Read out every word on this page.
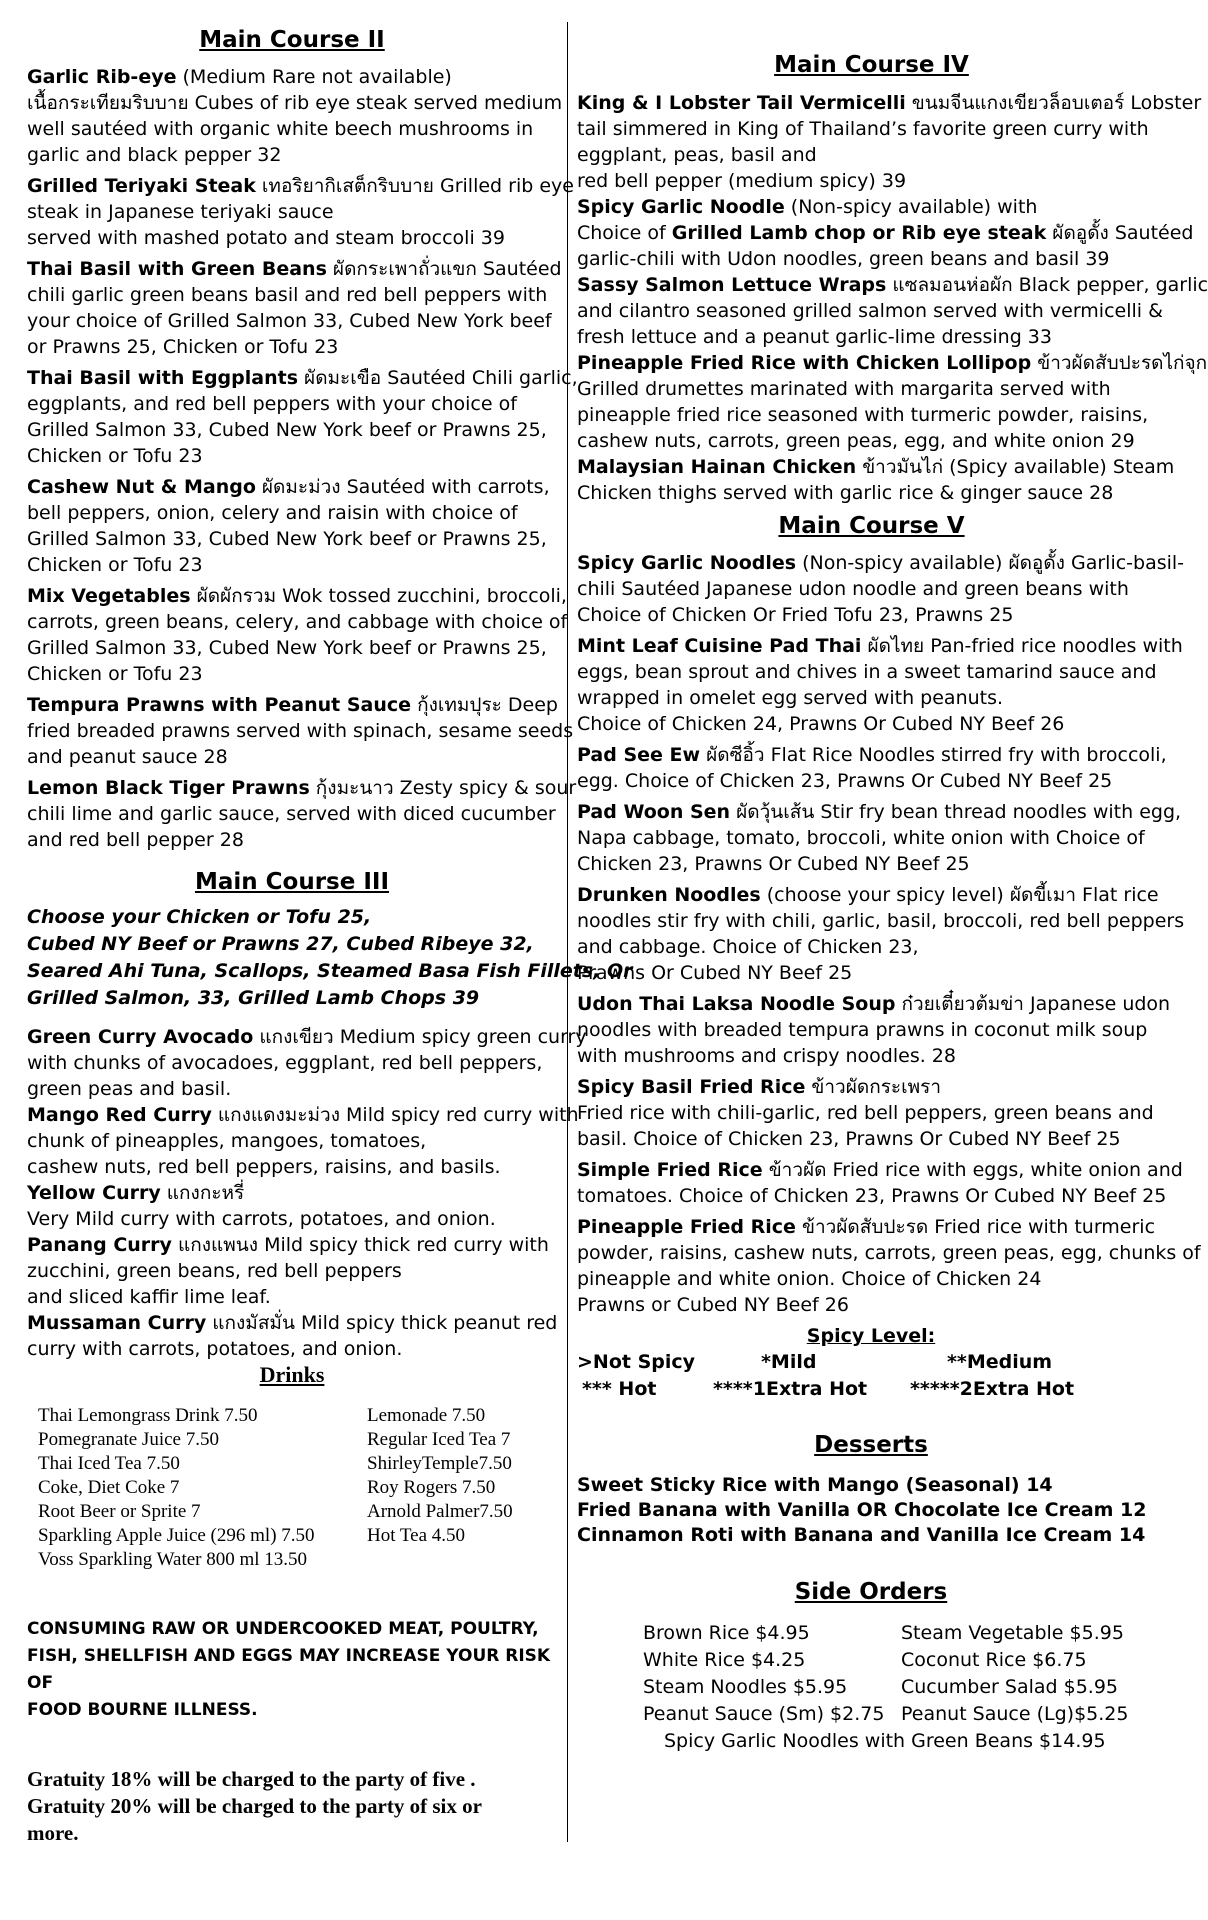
Main Course II
Garlic Rib-eye (Medium Rare not available)
เนื้อกระเทียมริบบาย Cubes of rib eye steak served medium
well sautéed with organic white beech mushrooms in
garlic and black pepper 32
Grilled Teriyaki Steak เทอริยากิเสต็กริบบาย Grilled rib eye
steak in Japanese teriyaki sauce
served with mashed potato and steam broccoli 39
Thai Basil with Green Beans ผัดกระเพาถั่วแขก Sautéed
chili garlic green beans basil and red bell peppers with
your choice of Grilled Salmon 33, Cubed New York beef
or Prawns 25, Chicken or Tofu 23
Thai Basil with Eggplants ผัดมะเขือ Sautéed Chili garlic,
eggplants, and red bell peppers with your choice of
Grilled Salmon 33, Cubed New York beef or Prawns 25,
Chicken or Tofu 23
Cashew Nut & Mango ผัดมะม่วง Sautéed with carrots,
bell peppers, onion, celery and raisin with choice of
Grilled Salmon 33, Cubed New York beef or Prawns 25,
Chicken or Tofu 23
Mix Vegetables ผัดผักรวม Wok tossed zucchini, broccoli,
carrots, green beans, celery, and cabbage with choice of
Grilled Salmon 33, Cubed New York beef or Prawns 25,
Chicken or Tofu 23
Tempura Prawns with Peanut Sauce กุ้งเทมปุระ Deep
fried breaded prawns served with spinach, sesame seeds
and peanut sauce 28
Lemon Black Tiger Prawns กุ้งมะนาว Zesty spicy & sour
chili lime and garlic sauce, served with diced cucumber
and red bell pepper 28
Main Course III
Choose your Chicken or Tofu 25,
Cubed NY Beef or Prawns 27, Cubed Ribeye 32,
Seared Ahi Tuna, Scallops, Steamed Basa Fish Fillets, Or
Grilled Salmon, 33, Grilled Lamb Chops 39
Green Curry Avocado แกงเขียว Medium spicy green curry
with chunks of avocadoes, eggplant, red bell peppers,
green peas and basil.
Mango Red Curry แกงแดงมะม่วง Mild spicy red curry with
chunk of pineapples, mangoes, tomatoes,
cashew nuts, red bell peppers, raisins, and basils.
Yellow Curry แกงกะหรี่
Very Mild curry with carrots, potatoes, and onion.
Panang Curry แกงแพนง Mild spicy thick red curry with
zucchini, green beans, red bell peppers
and sliced kaffir lime leaf.
Mussaman Curry แกงมัสมั่น Mild spicy thick peanut red
curry with carrots, potatoes, and onion.
Drinks
Thai Lemongrass Drink 7.50
Pomegranate Juice 7.50
Thai Iced Tea 7.50
Coke, Diet Coke 7
Root Beer or Sprite 7
Sparkling Apple Juice (296 ml) 7.50
Voss Sparkling Water 800 ml 13.50
Lemonade 7.50
Regular Iced Tea 7
ShirleyTemple7.50
Roy Rogers 7.50
Arnold Palmer7.50
Hot Tea 4.50
CONSUMING RAW OR UNDERCOOKED MEAT, POULTRY,
FISH, SHELLFISH AND EGGS MAY INCREASE YOUR RISK OF
FOOD BOURNE ILLNESS.
Gratuity 18% will be charged to the party of five .
Gratuity 20% will be charged to the party of six or
more.
Main Course IV
King & I Lobster Tail Vermicelli ขนมจีนแกงเขียวล็อบเตอร์ Lobster
tail simmered in King of Thailand’s favorite green curry with
eggplant, peas, basil and
red bell pepper (medium spicy) 39
Spicy Garlic Noodle (Non-spicy available) with
Choice of Grilled Lamb chop or Rib eye steak ผัดอูดั้ง Sautéed
garlic-chili with Udon noodles, green beans and basil 39
Sassy Salmon Lettuce Wraps แซลมอนห่อผัก Black pepper, garlic
and cilantro seasoned grilled salmon served with vermicelli &
fresh lettuce and a peanut garlic-lime dressing 33
Pineapple Fried Rice with Chicken Lollipop ข้าวผัดสับปะรดไก่จุก
Grilled drumettes marinated with margarita served with
pineapple fried rice seasoned with turmeric powder, raisins,
cashew nuts, carrots, green peas, egg, and white onion 29
Malaysian Hainan Chicken ข้าวมันไก่ (Spicy available) Steam
Chicken thighs served with garlic rice & ginger sauce 28
Main Course V
Spicy Garlic Noodles (Non-spicy available) ผัดอูดั้ง Garlic-basil-
chili Sautéed Japanese udon noodle and green beans with
Choice of Chicken Or Fried Tofu 23, Prawns 25
Mint Leaf Cuisine Pad Thai ผัดไทย Pan-fried rice noodles with
eggs, bean sprout and chives in a sweet tamarind sauce and
wrapped in omelet egg served with peanuts.
Choice of Chicken 24, Prawns Or Cubed NY Beef 26
Pad See Ew ผัดซีอิ้ว Flat Rice Noodles stirred fry with broccoli,
egg. Choice of Chicken 23, Prawns Or Cubed NY Beef 25
Pad Woon Sen ผัดวุ้นเส้น Stir fry bean thread noodles with egg,
Napa cabbage, tomato, broccoli, white onion with Choice of
Chicken 23, Prawns Or Cubed NY Beef 25
Drunken Noodles (choose your spicy level) ผัดขี้เมา Flat rice
noodles stir fry with chili, garlic, basil, broccoli, red bell peppers
and cabbage. Choice of Chicken 23,
Prawns Or Cubed NY Beef 25
Udon Thai Laksa Noodle Soup ก๋วยเตี๋ยวต้มข่า Japanese udon
noodles with breaded tempura prawns in coconut milk soup
with mushrooms and crispy noodles. 28
Spicy Basil Fried Rice ข้าวผัดกระเพรา
Fried rice with chili-garlic, red bell peppers, green beans and
basil. Choice of Chicken 23, Prawns Or Cubed NY Beef 25
Simple Fried Rice ข้าวผัด Fried rice with eggs, white onion and
tomatoes. Choice of Chicken 23, Prawns Or Cubed NY Beef 25
Pineapple Fried Rice ข้าวผัดสับปะรด Fried rice with turmeric
powder, raisins, cashew nuts, carrots, green peas, egg, chunks of
pineapple and white onion. Choice of Chicken 24
Prawns or Cubed NY Beef 26
Spicy Level:
>Not Spicy	*Mild	**Medium
*** Hot	****1Extra Hot	*****2Extra Hot
Desserts
Sweet Sticky Rice with Mango (Seasonal) 14
Fried Banana with Vanilla OR Chocolate Ice Cream 12
Cinnamon Roti with Banana and Vanilla Ice Cream 14
Side Orders
Brown Rice $4.95
White Rice $4.25
Steam Noodles $5.95
Peanut Sauce (Sm) $2.75
Steam Vegetable $5.95
Coconut Rice $6.75
Cucumber Salad $5.95
Peanut Sauce (Lg)$5.25
Spicy Garlic Noodles with Green Beans $14.95
